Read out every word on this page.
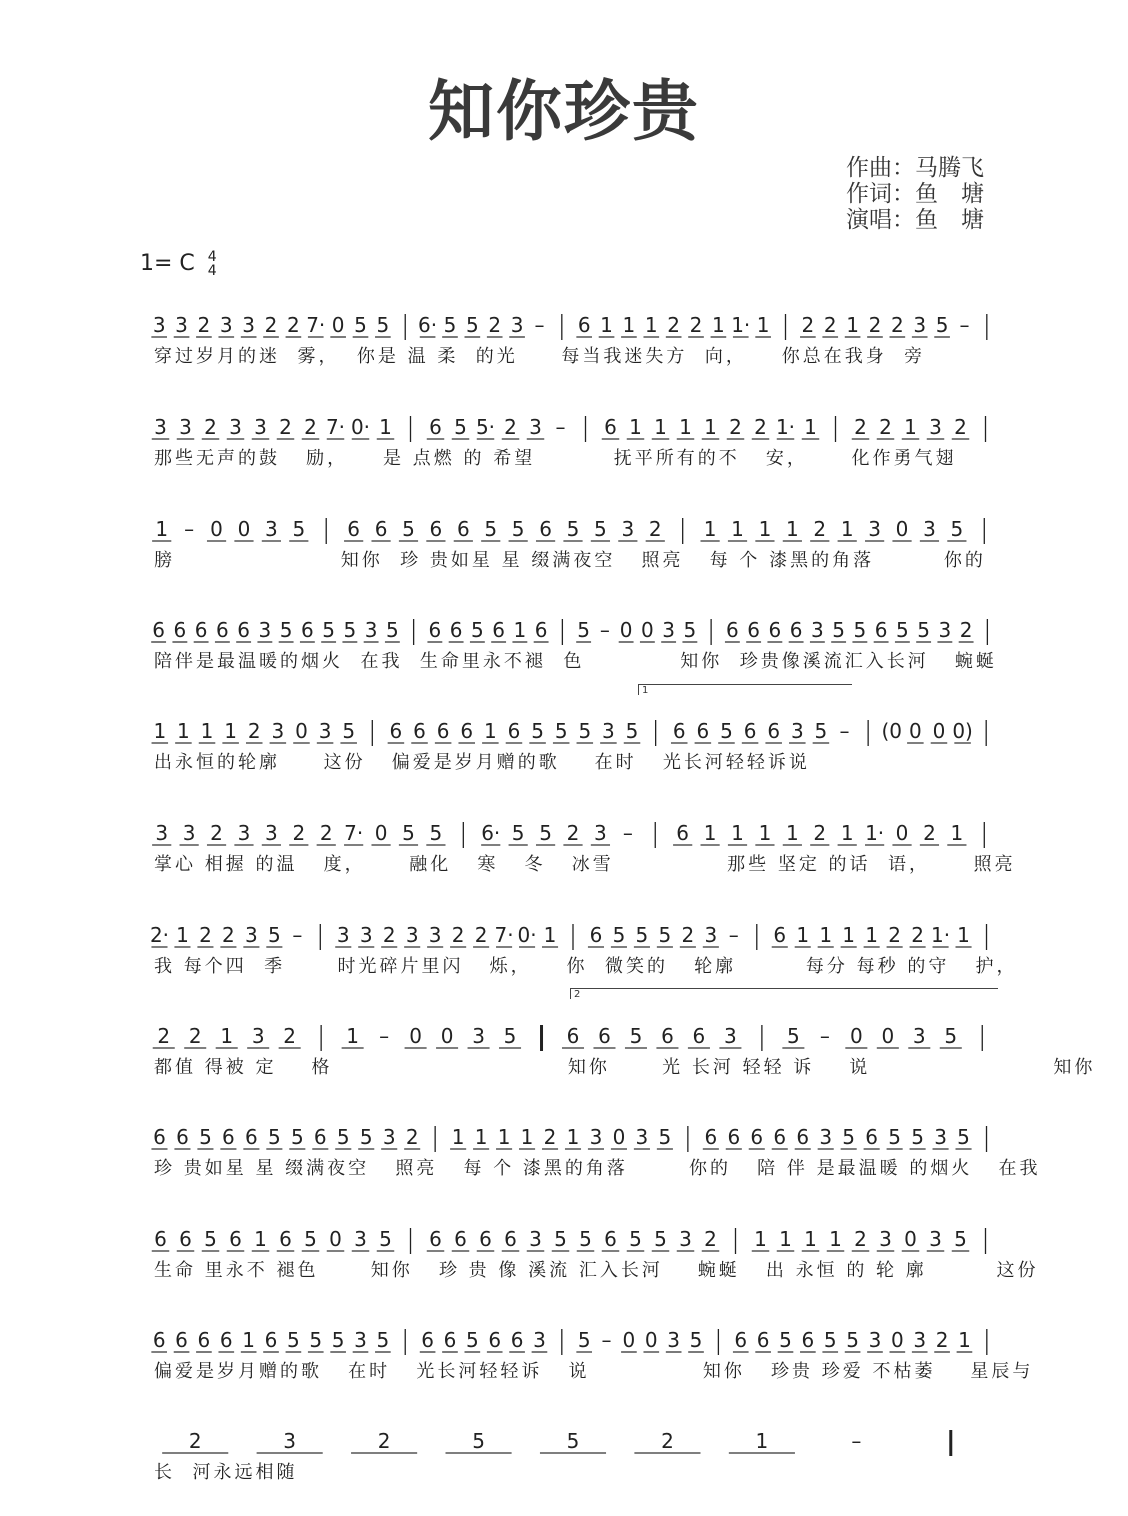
知你珍贵
作曲：马腾飞
作词：鱼　塘
演唱：鱼　塘
1= C 4
4
3 3 2 3 3 2 2 7· 0 5 5 6· 5 5 2 3 – 6 1 1 1 2 2 1 1· 1 2 2 1 2 2 3 5 –
穿过岁月的迷  雾，  你是 温 柔  的光     每当我迷失方  向，    你总在我身  旁
3 3 2 3 3 2 2 7· 0· 1 6 5 5· 2 3 – 6 1 1 1 1 2 2 1· 1 2 2 1 3 2
那些无声的鼓   励，    是 点燃 的 希望         抚平所有的不   安，     化作勇气翅
1 – 0 0 3 5 6 6 5 6 6 5 5 6 5 5 3 2 1 1 1 1 2 1 3 0 3 5
膀                   知你  珍 贵如星 星 缀满夜空   照亮   每 个 漆黑的角落        你的
6 6 6 6 6 3 5 6 5 5 3 5 6 6 5 6 1 6 5 – 0 0 3 5 6 6 6 6 3 5 5 6 5 5 3 2
陪伴是最温暖的烟火  在我  生命里永不褪  色           知你  珍贵像溪流汇入长河   蜿蜒
1
1 1 1 1 2 3 0 3 5 6 6 6 6 1 6 5 5 5 3 5 6 6 5 6 6 3 5 – (0 0 0 0)
出永恒的轮廓     这份   偏爱是岁月赠的歌    在时   光长河轻轻诉说
3 3 2 3 3 2 2 7· 0 5 5 6· 5 5 2 3 – 6 1 1 1 1 2 1 1· 0 2 1
掌心 相握 的温   度，     融化   寒   冬   冰雪             那些 坚定 的话  语，     照亮
2· 1 2 2 3 5 – 3 3 2 3 3 2 2 7· 0· 1 6 5 5 5 2 3 – 6 1 1 1 1 2 2 1· 1
我 每个四  季      时光碎片里闪   烁，    你  微笑的   轮廓        每分 每秒 的守   护，
2
2 2 1 3 2	1 – 0 0 3 5	6 6 5 6 6 3	5 – 0 0 3 5
都值 得被 定    格                           知你      光 长河 轻轻 诉    说                     知你
6 6 5 6 6 5 5 6 5 5 3 2 1 1 1 1 2 1 3 0 3 5 6 6 6 6 6 3 5 6 5 5 3 5
珍 贵如星 星 缀满夜空   照亮   每 个 漆黑的角落       你的   陪 伴 是最温暖 的烟火   在我
6 6 5 6 1 6 5 0 3 5 6 6 6 6 3 5 5 6 5 5 3 2 1 1 1 1 2 3 0 3 5
生命 里永不 褪色      知你   珍 贵 像 溪流 汇入长河    蜿蜒   出 永恒 的 轮 廓        这份
6 6 6 6 1 6 5 5 5 3 5 6 6 5 6 6 3 5 – 0 0 3 5 6 6 5 6 5 5 3 0 3 2 1
偏爱是岁月赠的歌   在时   光长河轻轻诉   说             知你   珍贵 珍爱 不枯萎    星辰与
2	3	2	5	5	2	1	–
长  河永远相随
